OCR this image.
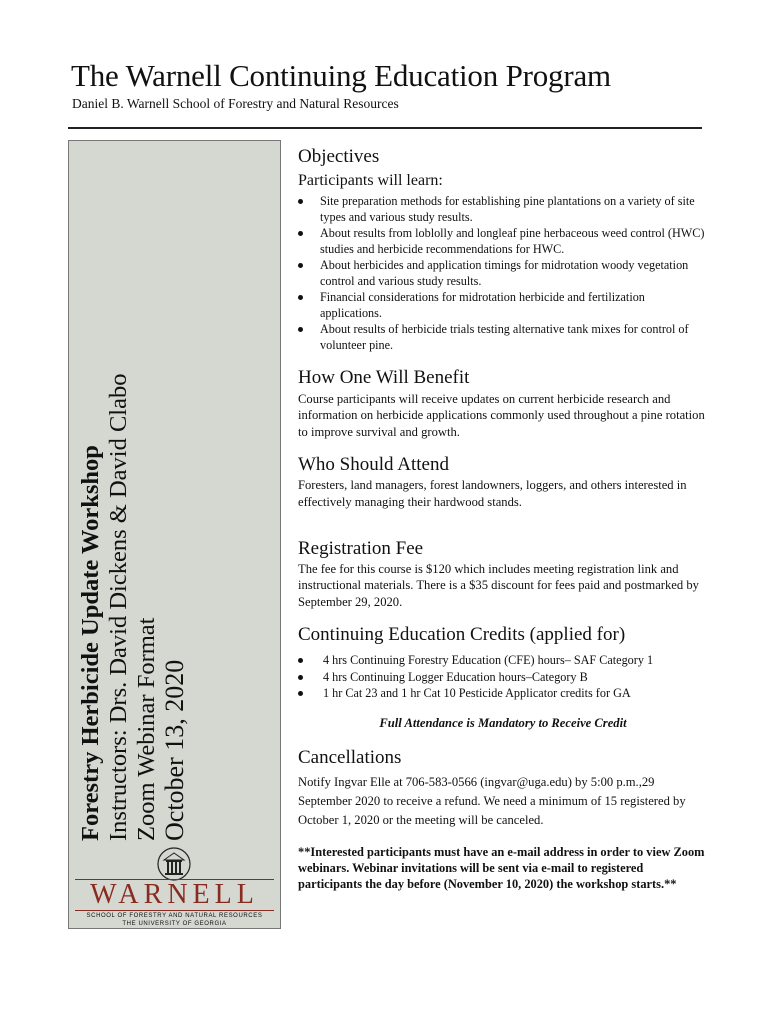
The Warnell Continuing Education Program
Daniel B. Warnell School of Forestry and Natural Resources
Forestry Herbicide Update Workshop Instructors: Drs. David Dickens & David Clabo Zoom Webinar Format October 13, 2020
WARNELL
SCHOOL OF FORESTRY AND NATURAL RESOURCES
THE UNIVERSITY OF GEORGIA
Objectives
Participants will learn:
Site preparation methods for establishing pine plantations on a variety of site types and various study results.
About results from loblolly and longleaf pine herbaceous weed control (HWC) studies and herbicide recommendations for HWC.
About herbicides and application timings for midrotation woody vegetation control and various study results.
Financial considerations for midrotation herbicide and fertilization applications.
About results of herbicide trials testing alternative tank mixes for control of volunteer pine.
How One Will Benefit

Course participants will receive updates on current herbicide research and information on herbicide applications commonly used throughout a pine rotation to improve survival and growth.

Who Should Attend

Foresters, land managers, forest landowners, loggers, and others interested in effectively managing their hardwood stands.

Registration Fee

The fee for this course is $120 which includes meeting registration link and instructional materials. There is a $35 discount for fees paid and postmarked by September 29, 2020.

Continuing Education Credits (applied for)
4 hrs Continuing Forestry Education (CFE) hours– SAF Category 1
4 hrs Continuing Logger Education hours–Category B
1 hr Cat 23 and 1 hr Cat 10 Pesticide Applicator credits for GA
Full Attendance is Mandatory to Receive Credit
Cancellations

Notify Ingvar Elle at 706-583-0566 (ingvar@uga.edu) by 5:00 p.m.,29 September 2020 to receive a refund. We need a minimum of 15 registered by October 1, 2020 or the meeting will be canceled.

**Interested participants must have an e-mail address in order to view Zoom webinars. Webinar invitations will be sent via e-mail to registered participants the day before (November 10, 2020) the workshop starts.**
